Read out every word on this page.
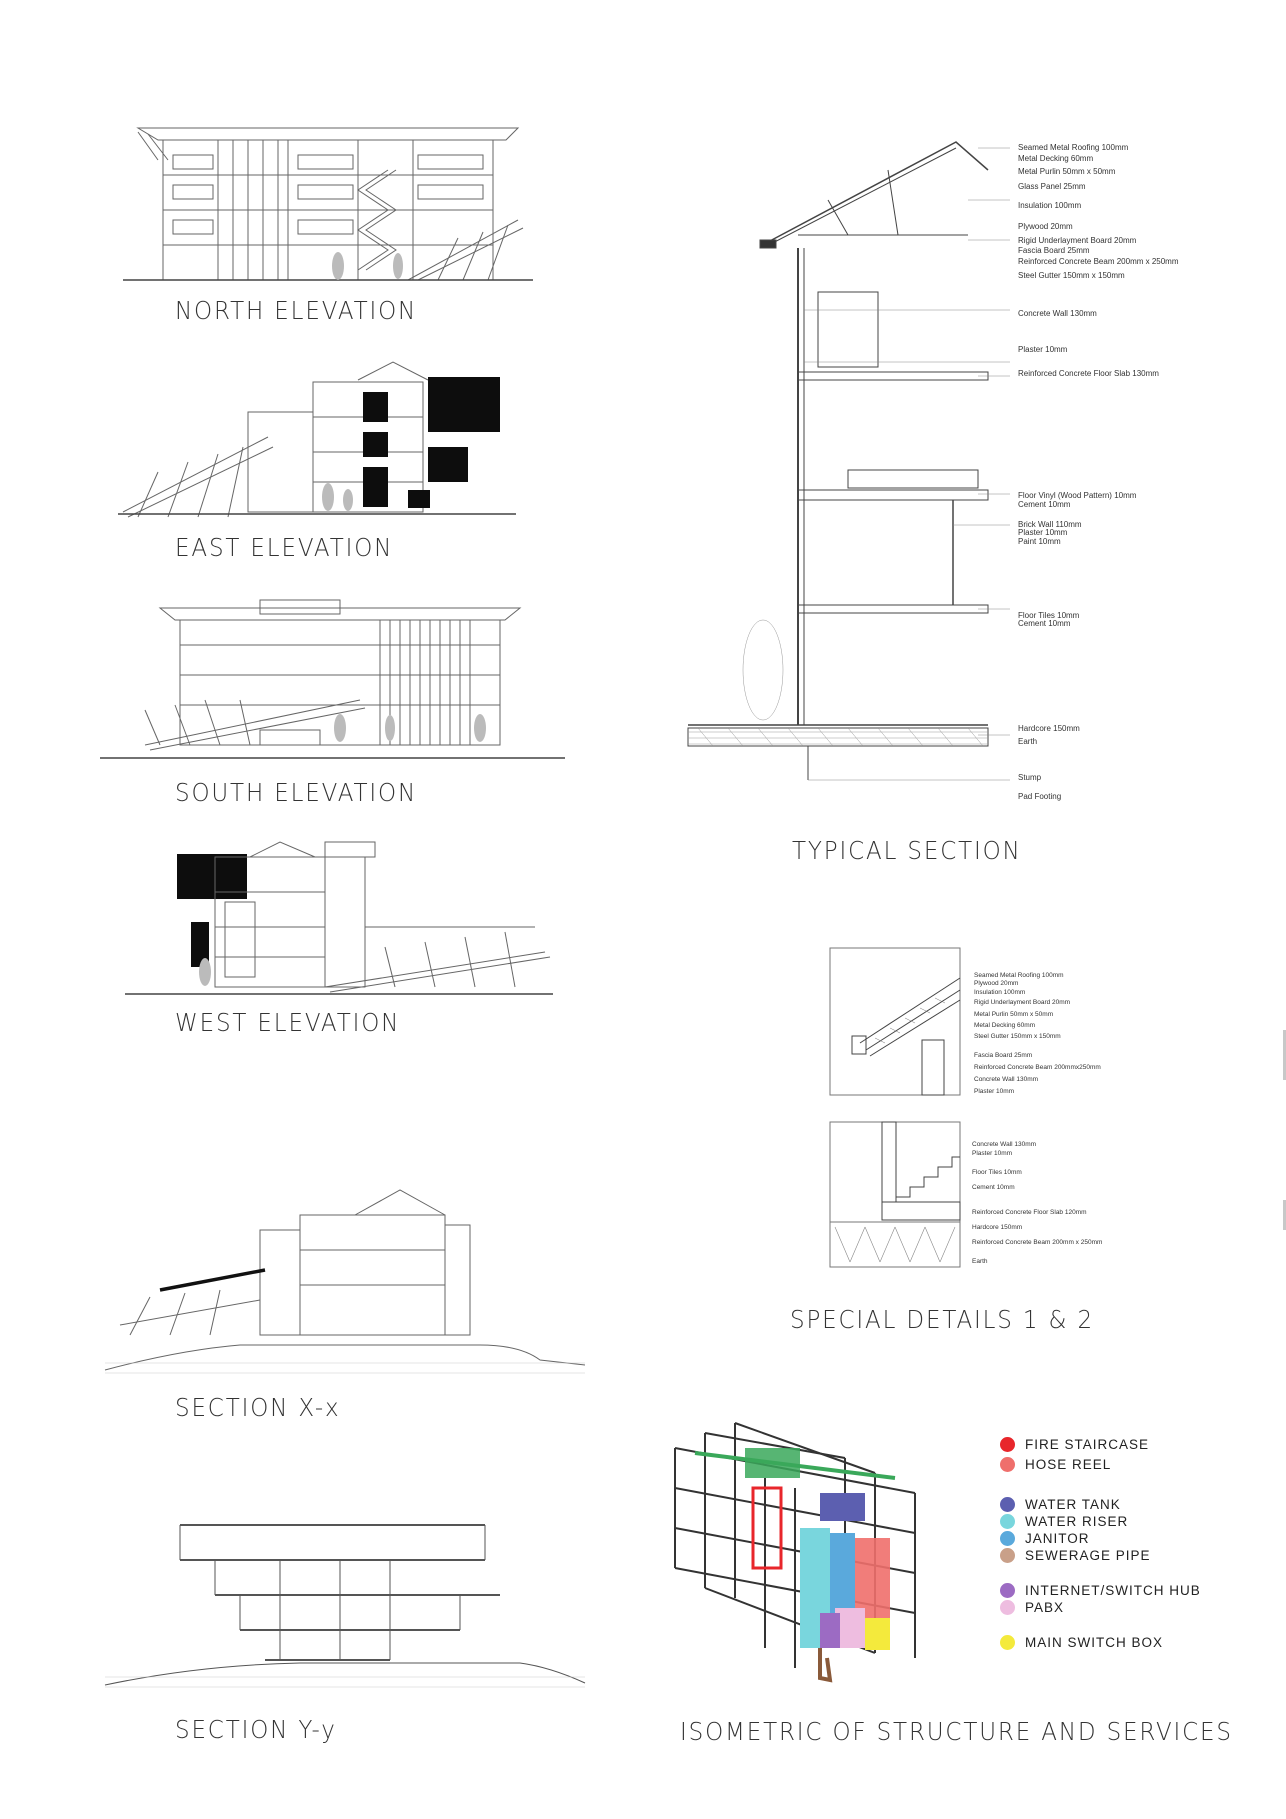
NORTH ELEVATION
EAST ELEVATION
SOUTH ELEVATION
WEST ELEVATION
SECTION X-x
SECTION Y-y
Seamed Metal Roofing 100mm
Metal Decking 60mm
Metal Purlin 50mm x 50mm
Glass Panel 25mm
Insulation 100mm
Plywood 20mm
Rigid Underlayment Board 20mm
Fascia Board 25mm
Reinforced Concrete Beam 200mm x 250mm
Steel Gutter 150mm x 150mm
Concrete Wall 130mm
Plaster 10mm
Reinforced Concrete Floor Slab 130mm
Floor Vinyl (Wood Pattern) 10mm
Cement 10mm
Brick Wall 110mm
Plaster 10mm
Paint 10mm
Floor Tiles 10mm
Cement 10mm
Hardcore 150mm
Earth
Stump
Pad Footing
TYPICAL SECTION
Seamed Metal Roofing 100mm
Plywood 20mm
Insulation 100mm
Rigid Underlayment Board 20mm
Metal Purlin 50mm x 50mm
Metal Decking 60mm
Steel Gutter 150mm x 150mm
Fascia Board 25mm
Reinforced Concrete Beam 200mmx250mm
Concrete Wall 130mm
Plaster 10mm
Concrete Wall 130mm
Plaster 10mm
Floor Tiles 10mm
Cement 10mm
Reinforced Concrete Floor Slab 120mm
Hardcore 150mm
Reinforced Concrete Beam 200mm x 250mm
Earth
SPECIAL DETAILS 1 & 2
FIRE STAIRCASE
HOSE REEL
WATER TANK
WATER RISER
JANITOR
SEWERAGE PIPE
INTERNET/SWITCH HUB
PABX
MAIN SWITCH BOX
ISOMETRIC OF STRUCTURE AND SERVICES
